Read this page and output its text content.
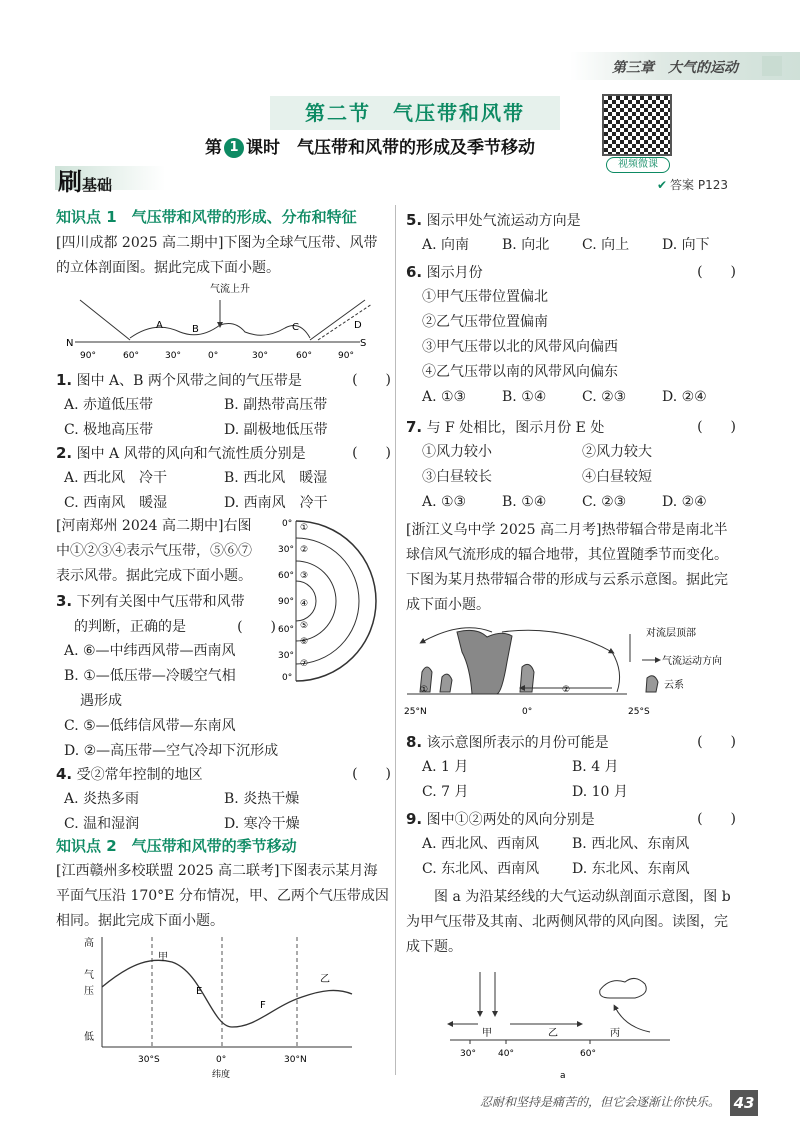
第三章　大气的运动
第二节　气压带和风带
第 1 课时　气压带和风带的形成及季节移动
视频微课
刷基础	✔ 答案 P123
知识点 1　气压带和风带的形成、分布和特征
[四川成都 2025 高二期中]下图为全球气压带、风带的立体剖面图。据此完成下面小题。
气流上升
A	B	C	D
N	S
90°	60°	30°	0°	30°	60°	90°
1. 图中 A、B 两个风带之间的气压带是	(　　)
A. 赤道低压带	B. 副热带高压带
C. 极地高压带	D. 副极地低压带
2. 图中 A 风带的风向和气流性质分别是	(　　)
A. 西北风　冷干	B. 西北风　暖湿
C. 西南风　暖湿	D. 西南风　冷干
[河南郑州 2024 高二期中]右图
中①②③④表示气压带，⑤⑥⑦
表示风带。据此完成下面小题。
0°
30°
60°
90°
60°
30°
0°
①
②
③
④
⑤
⑥
⑦
3. 下列有关图中气压带和风带
的判断，正确的是	(　　)
A. ⑥—中纬西风带—西南风
B. ①—低压带—冷暖空气相
遇形成
C. ⑤—低纬信风带—东南风
D. ②—高压带—空气冷却下沉形成
4. 受②常年控制的地区	(　　)
A. 炎热多雨	B. 炎热干燥
C. 温和湿润	D. 寒冷干燥
知识点 2　气压带和风带的季节移动
[江西赣州多校联盟 2025 高二联考]下图表示某月海平面气压沿 170°E 分布情况，甲、乙两个气压带成因相同。据此完成下面小题。
高
气
压
低
甲
E
F
乙
30°S	0°	30°N
纬度
5. 图示甲处气流运动方向是
A. 向南 B. 向北 C. 向上 D. 向下
6. 图示月份	(　　)
①甲气压带位置偏北
②乙气压带位置偏南
③甲气压带以北的风带风向偏西
④乙气压带以南的风带风向偏东
A. ①③	B. ①④	C. ②③	D. ②④
7. 与 F 处相比，图示月份 E 处	(　　)
①风力较小	②风力较大
③白昼较长	④白昼较短
A. ①③	B. ①④	C. ②③	D. ②④
[浙江义乌中学 2025 高二月考]热带辐合带是南北半球信风气流形成的辐合地带，其位置随季节而变化。下图为某月热带辐合带的形成与云系示意图。据此完成下面小题。
①	②
25°N	0°	25°S
对流层顶部
气流运动方向
云系
8. 该示意图所表示的月份可能是	(　　)
A. 1 月	B. 4 月
C. 7 月	D. 10 月
9. 图中①②两处的风向分别是	(　　)
A. 西北风、西南风 B. 西北风、东南风
C. 东北风、西南风 D. 东北风、东南风
图 a 为沿某经线的大气运动纵剖面示意图，图 b 为甲气压带及其南、北两侧风带的风向图。读图，完成下题。
甲	乙	丙
30° 40°	60°
a
忍耐和坚持是痛苦的，但它会逐渐让你快乐。 43
